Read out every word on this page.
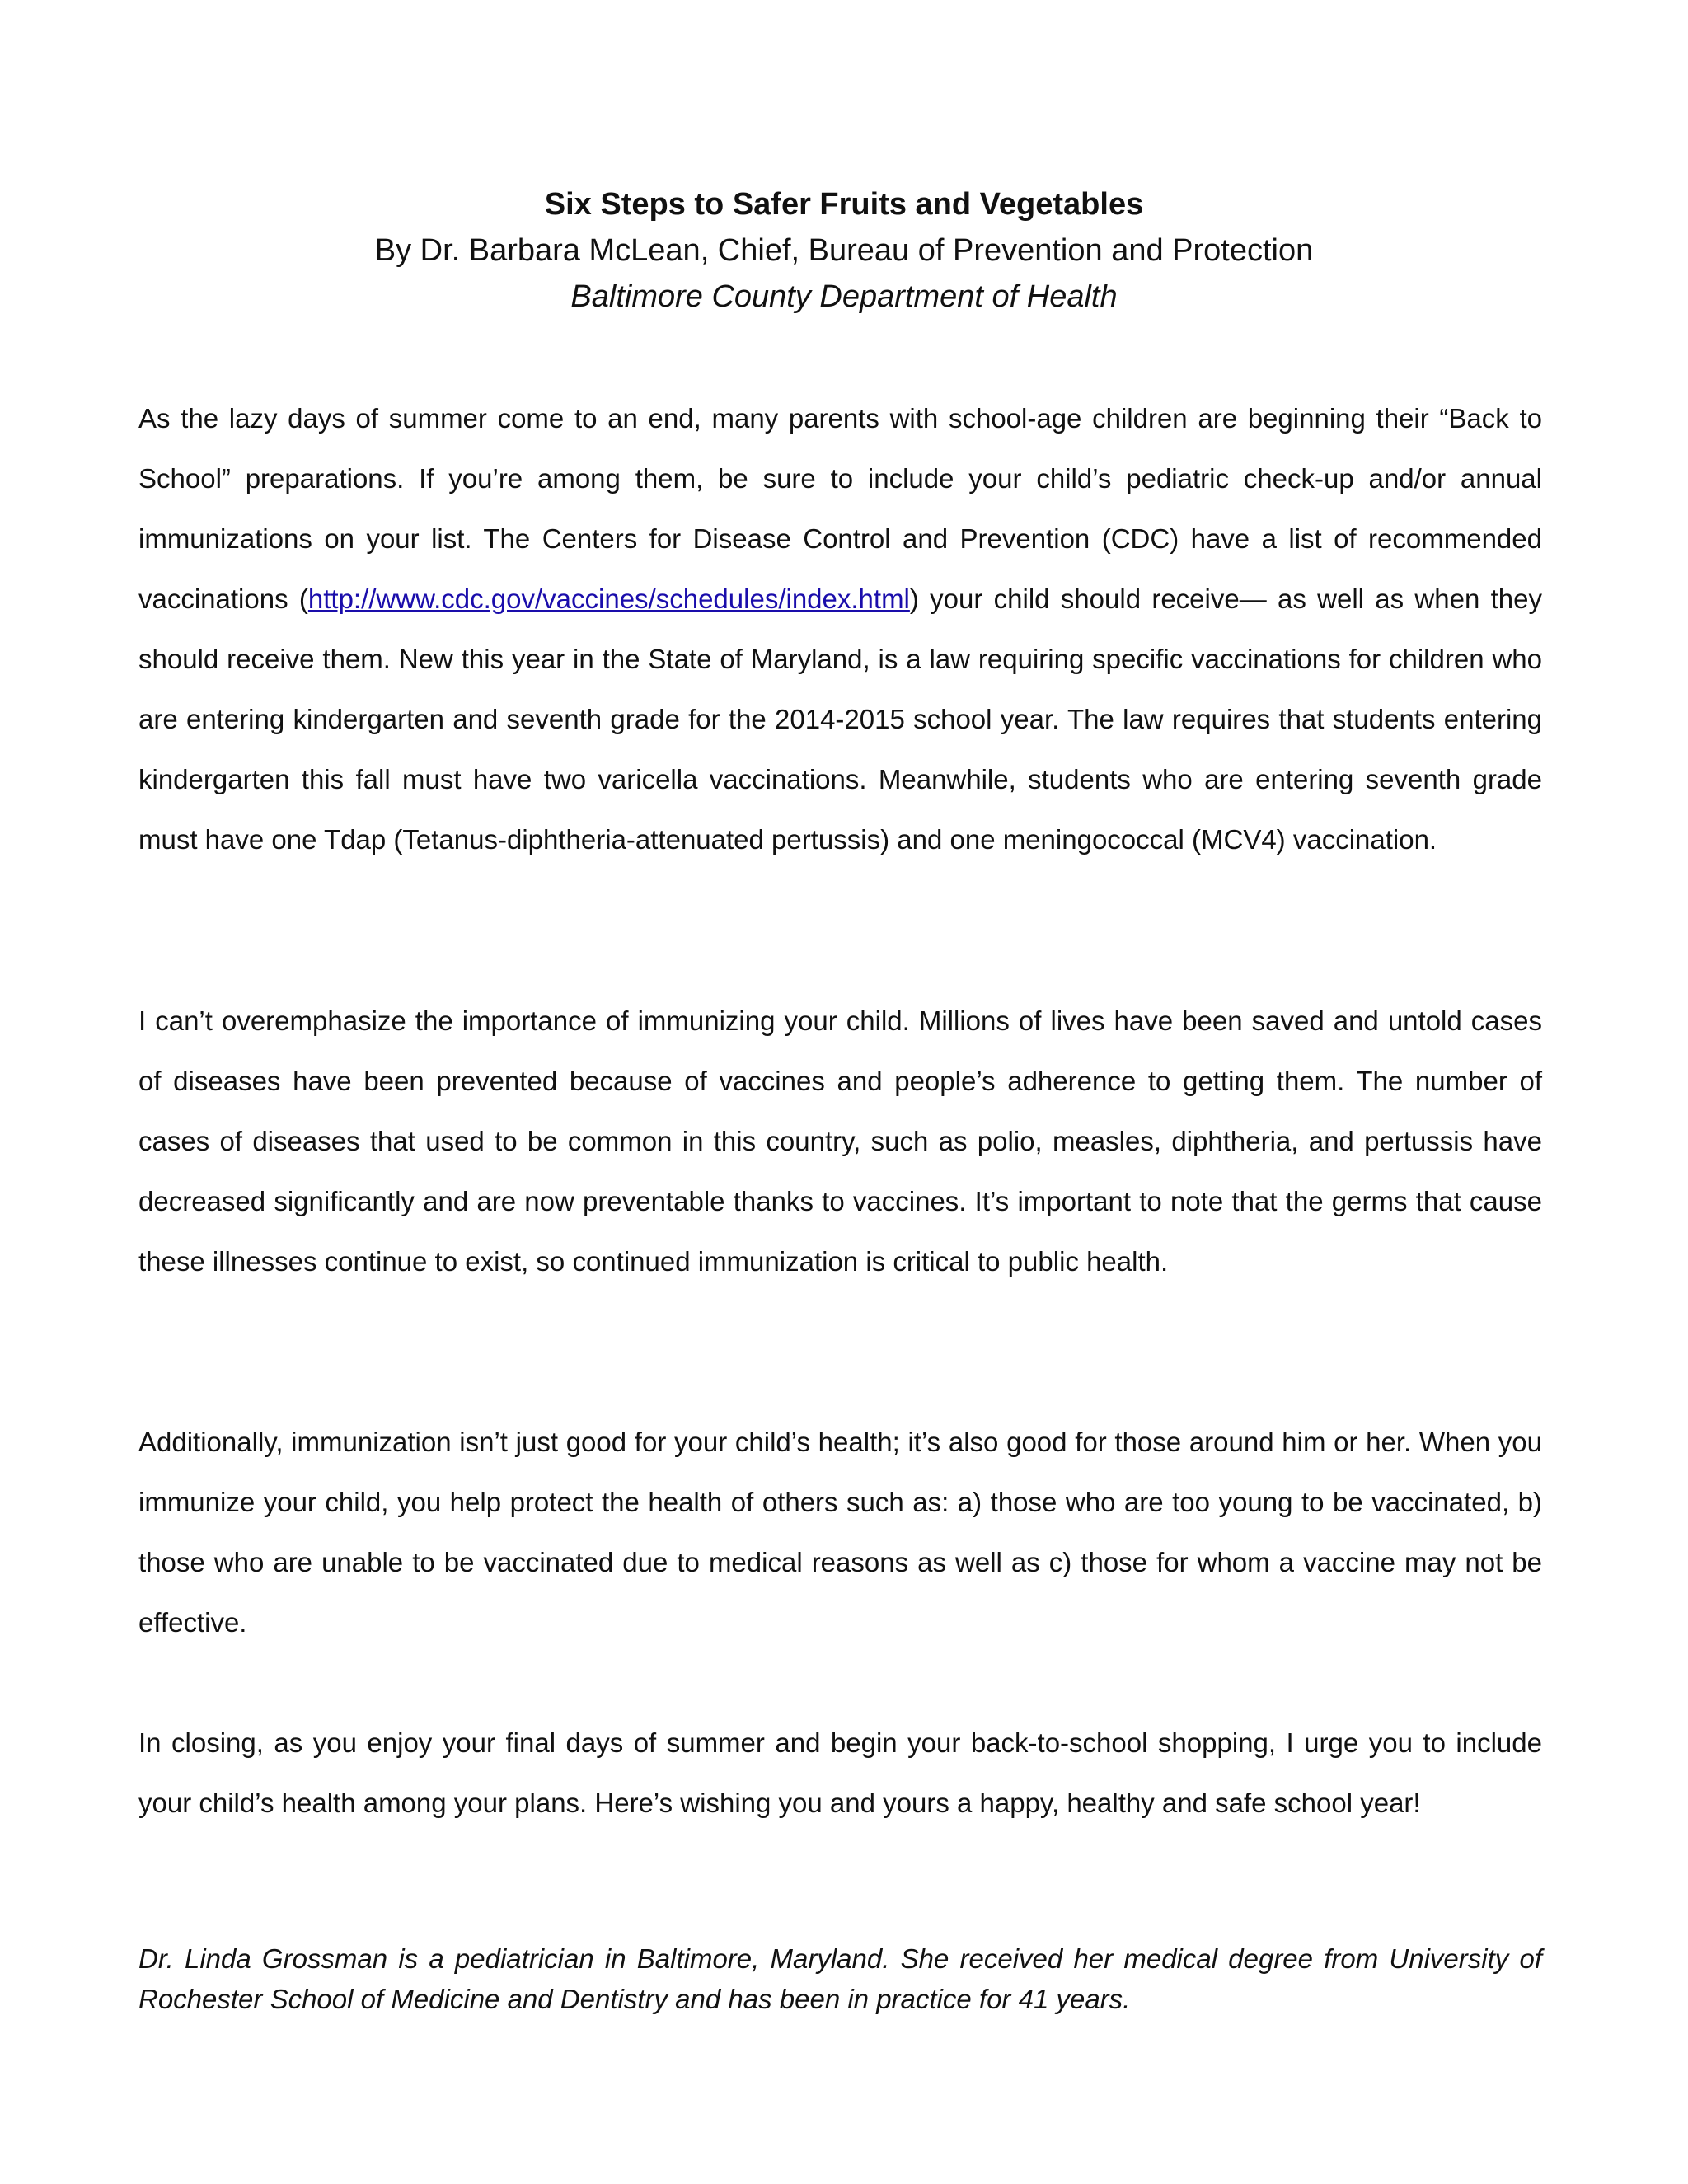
Six Steps to Safer Fruits and Vegetables

By Dr. Barbara McLean, Chief, Bureau of Prevention and Protection

Baltimore County Department of Health

As the lazy days of summer come to an end, many parents with school-age children are beginning their “Back to School” preparations. If you’re among them, be sure to include your child’s pediatric check-up and/or annual immunizations on your list. The Centers for Disease Control and Prevention (CDC) have a list of recommended vaccinations (http://www.cdc.gov/vaccines/schedules/index.html) your child should receive— as well as when they should receive them. New this year in the State of Maryland, is a law requiring specific vaccinations for children who are entering kindergarten and seventh grade for the 2014-2015 school year. The law requires that students entering kindergarten this fall must have two varicella vaccinations. Meanwhile, students who are entering seventh grade must have one Tdap (Tetanus-diphtheria-attenuated pertussis) and one meningococcal (MCV4) vaccination.

I can’t overemphasize the importance of immunizing your child. Millions of lives have been saved and untold cases of diseases have been prevented because of vaccines and people’s adherence to getting them. The number of cases of diseases that used to be common in this country, such as polio, measles, diphtheria, and pertussis have decreased significantly and are now preventable thanks to vaccines. It’s important to note that the germs that cause these illnesses continue to exist, so continued immunization is critical to public health.

Additionally, immunization isn’t just good for your child’s health; it’s also good for those around him or her. When you immunize your child, you help protect the health of others such as: a) those who are too young to be vaccinated, b) those who are unable to be vaccinated due to medical reasons as well as c) those for whom a vaccine may not be effective.

In closing, as you enjoy your final days of summer and begin your back-to-school shopping, I urge you to include your child’s health among your plans. Here’s wishing you and yours a happy, healthy and safe school year!

Dr. Linda Grossman is a pediatrician in Baltimore, Maryland. She received her medical degree from University of Rochester School of Medicine and Dentistry and has been in practice for 41 years.
